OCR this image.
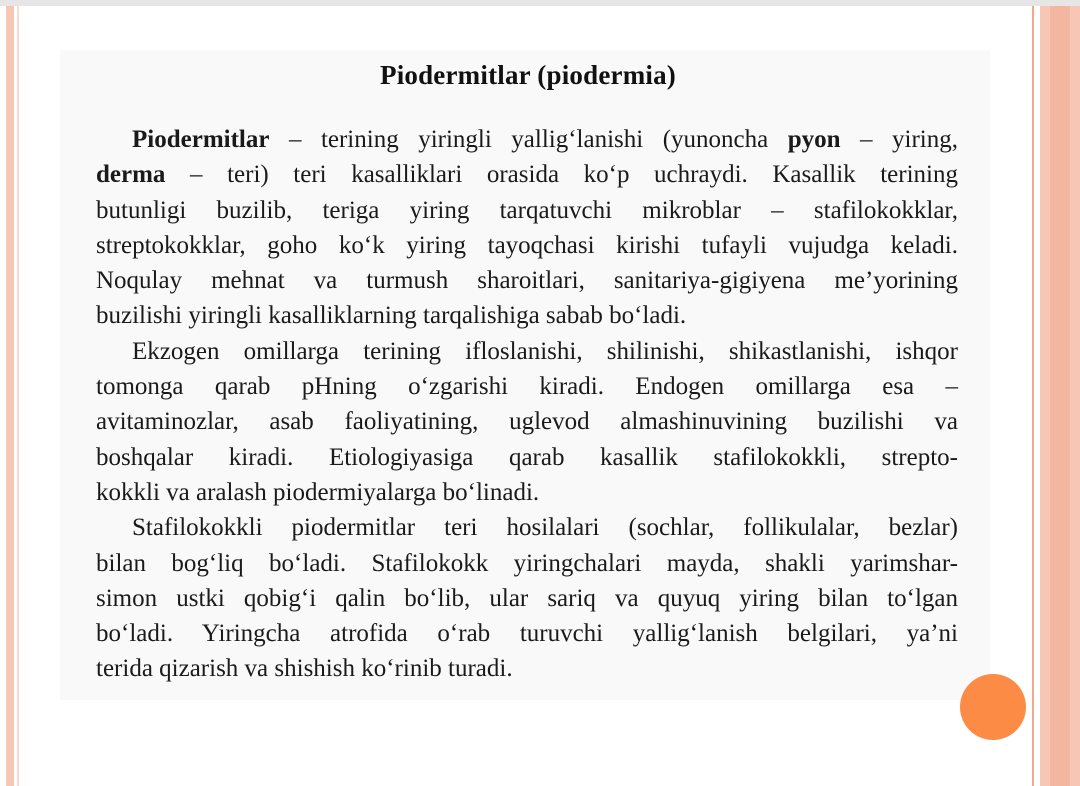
Piodermitlar (piodermia)
Piodermitlar – terining yiringli yallig‘lanishi (yunoncha pyon – yiring,
derma – teri) teri kasalliklari orasida ko‘p uchraydi. Kasallik terining
butunligi buzilib, teriga yiring tarqatuvchi mikroblar – stafilokokklar,
streptokokklar, goho ko‘k yiring tayoqchasi kirishi tufayli vujudga keladi.
Noqulay mehnat va turmush sharoitlari, sanitariya-gigiyena me’yorining
buzilishi yiringli kasalliklarning tarqalishiga sabab bo‘ladi.
Ekzogen omillarga terining ifloslanishi, shilinishi, shikastlanishi, ishqor
tomonga qarab pHning o‘zgarishi kiradi. Endogen omillarga esa –
avitaminozlar, asab faoliyatining, uglevod almashinuvining buzilishi va
boshqalar kiradi. Etiologiyasiga qarab kasallik stafilokokkli, strepto-
kokkli va aralash piodermiyalarga bo‘linadi.
Stafilokokkli piodermitlar teri hosilalari (sochlar, follikulalar, bezlar)
bilan bog‘liq bo‘ladi. Stafilokokk yiringchalari mayda, shakli yarimshar-
simon ustki qobig‘i qalin bo‘lib, ular sariq va quyuq yiring bilan to‘lgan
bo‘ladi. Yiringcha atrofida o‘rab turuvchi yallig‘lanish belgilari, ya’ni
terida qizarish va shishish ko‘rinib turadi.
